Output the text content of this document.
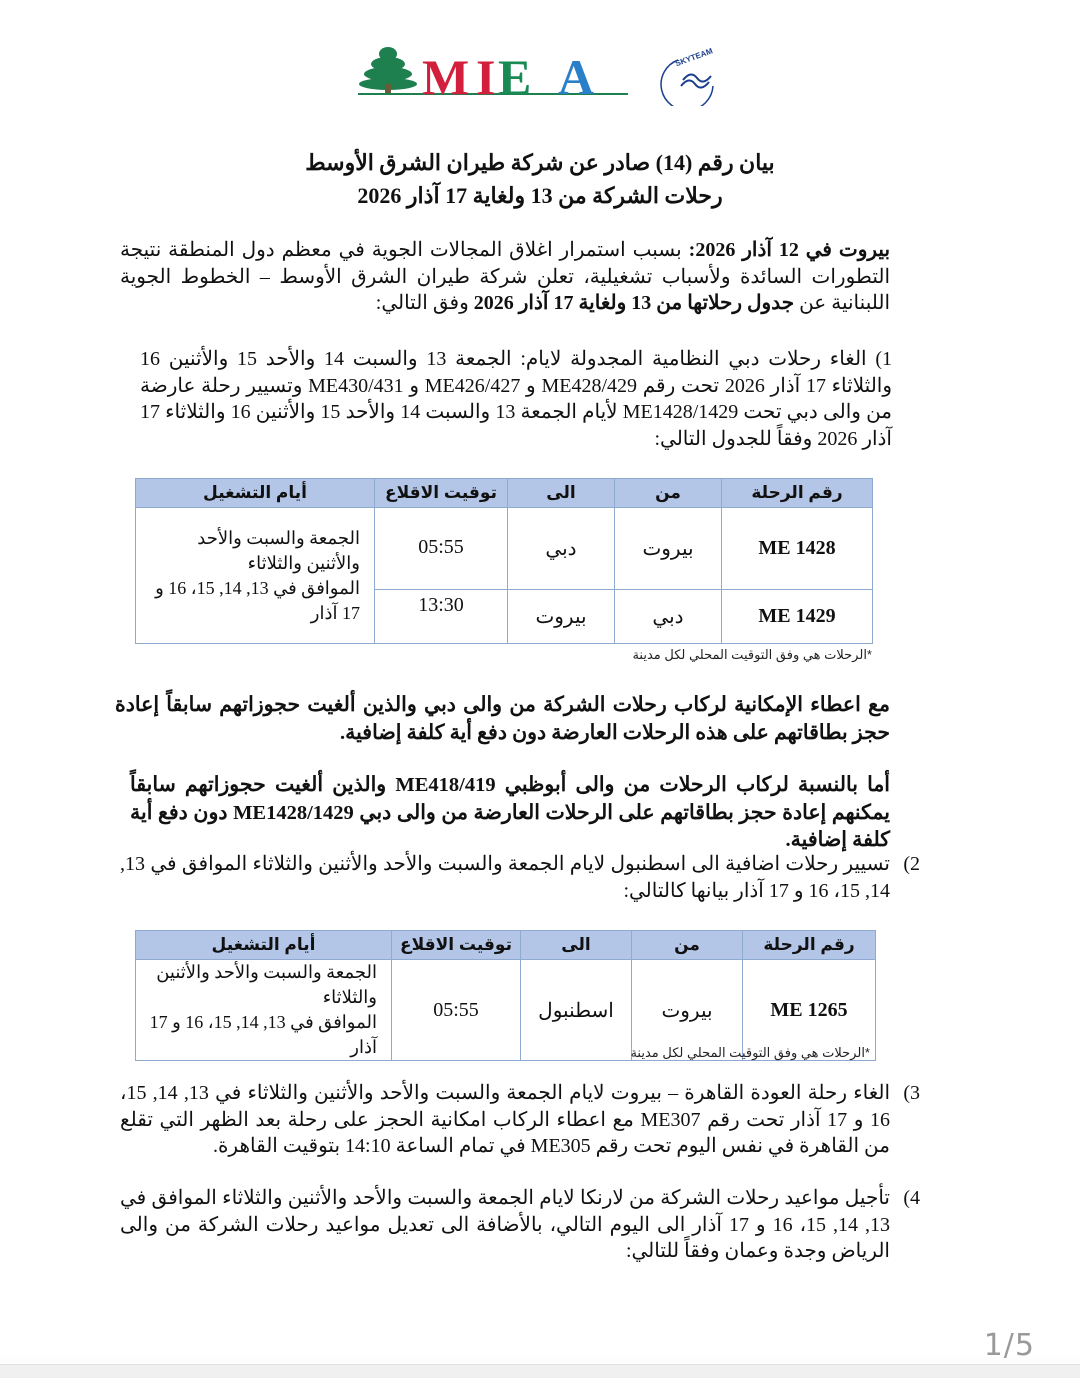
M I E A	SKYTEAM
بيان رقم (14) صادر عن شركة طيران الشرق الأوسط
رحلات الشركة من 13 ولغاية 17 آذار 2026
بيروت في 12 آذار 2026: بسبب استمرار اغلاق المجالات الجوية في معظم دول المنطقة نتيجة التطورات السائدة ولأسباب تشغيلية، تعلن شركة طيران الشرق الأوسط – الخطوط الجوية اللبنانية عن جدول رحلاتها من 13 ولغاية 17 آذار 2026 وفق التالي:
1) الغاء رحلات دبي النظامية المجدولة لايام: الجمعة 13 والسبت 14 والأحد 15 والأثنين 16 والثلاثاء 17 آذار 2026 تحت رقم ME428/429 و ME426/427 و ME430/431 وتسيير رحلة عارضة من والى دبي تحت ME1428/1429 لأيام الجمعة 13 والسبت 14 والأحد 15 والأثنين 16 والثلاثاء 17 آذار 2026 وفقاً للجدول التالي:
رقم الرحلة	من	الى	توقيت الاقلاع	أيام التشغيل
ME 1428	بيروت	دبي	05:55	الجمعة والسبت والأحد والأثنين والثلاثاء
الموافق في 13, 14, 15، 16 و 17 آذار

ME 1429	دبي	بيروت	13:30	
*الرحلات هي وفق التوقيت المحلي لكل مدينة
مع اعطاء الإمكانية لركاب رحلات الشركة من والى دبي والذين ألغيت حجوزاتهم سابقاً إعادة حجز بطاقاتهم على هذه الرحلات العارضة دون دفع أية كلفة إضافية.
أما بالنسبة لركاب الرحلات من والى أبوظبي ME418/419 والذين ألغيت حجوزاتهم سابقاً يمكنهم إعادة حجز بطاقاتهم على الرحلات العارضة من والى دبي ME1428/1429 دون دفع أية كلفة إضافية.
2)
تسيير رحلات اضافية الى اسطنبول لايام الجمعة والسبت والأحد والأثنين والثلاثاء الموافق في 13, 14, 15، 16 و 17 آذار بيانها كالتالي:
رقم الرحلة	من	الى	توقيت الاقلاع	أيام التشغيل
ME 1265	بيروت	اسطنبول	05:55	الجمعة والسبت والأحد والأثنين والثلاثاء
الموافق في 13, 14, 15، 16 و 17 آذار	*الرحلات هي وفق التوقيت المحلي لكل مدينة
3)
الغاء رحلة العودة القاهرة – بيروت لايام الجمعة والسبت والأحد والأثنين والثلاثاء في 13, 14, 15، 16 و 17 آذار تحت رقم ME307 مع اعطاء الركاب امكانية الحجز على رحلة بعد الظهر التي تقلع من القاهرة في نفس اليوم تحت رقم ME305 في تمام الساعة 14:10 بتوقيت القاهرة.
4)
تأجيل مواعيد رحلات الشركة من لارنكا لايام الجمعة والسبت والأحد والأثنين والثلاثاء الموافق في 13, 14, 15، 16 و 17 آذار الى اليوم التالي، بالأضافة الى تعديل مواعيد رحلات الشركة من والى الرياض وجدة وعمان وفقاً للتالي:
1/5
